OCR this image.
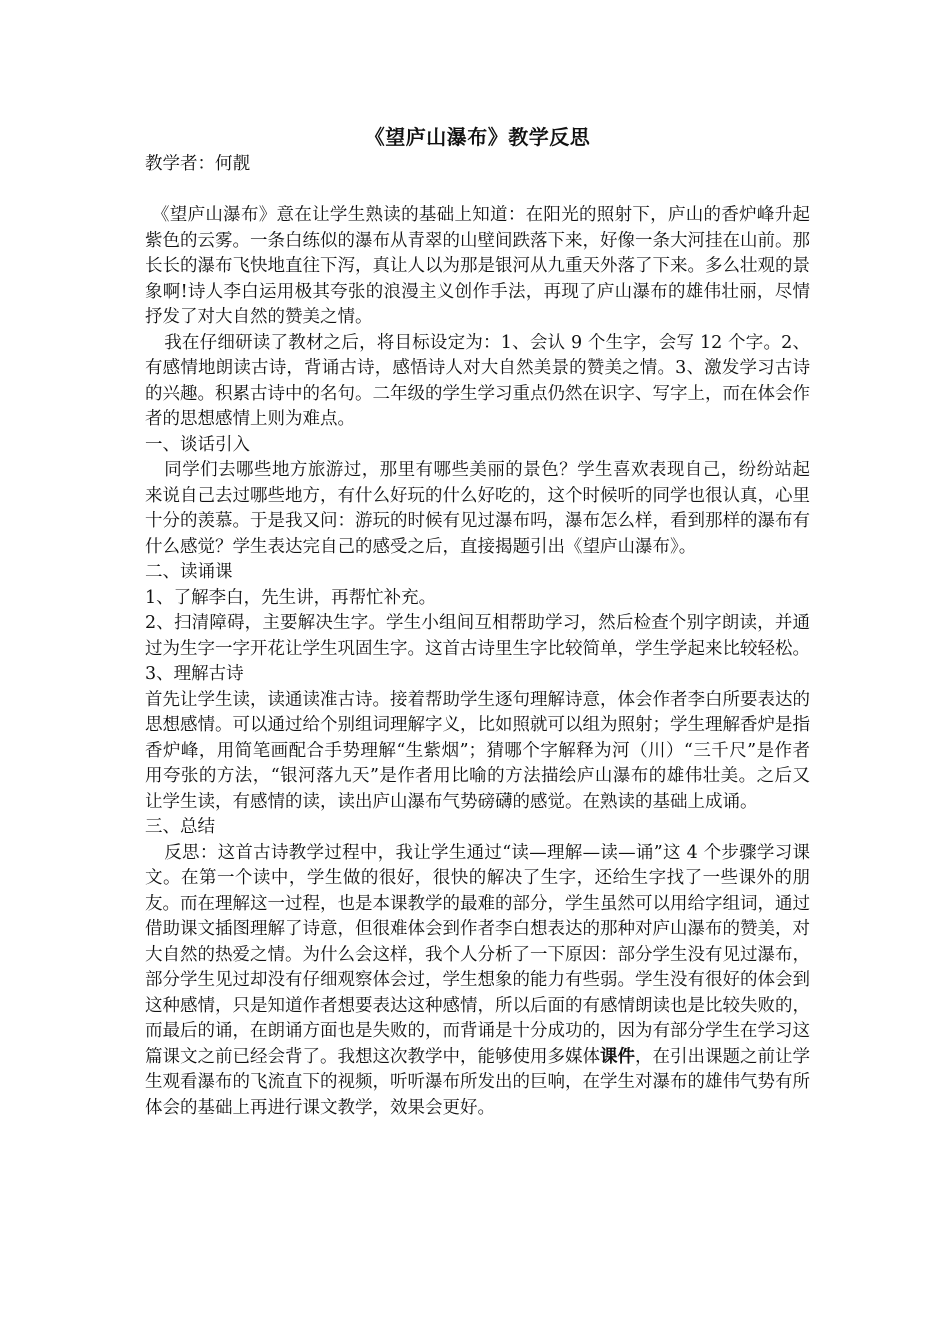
《望庐山瀑布》教学反思

教学者：何靓

《望庐山瀑布》意在让学生熟读的基础上知道：在阳光的照射下，庐山的香炉峰升起紫色的云雾。一条白练似的瀑布从青翠的山壁间跌落下来，好像一条大河挂在山前。那长长的瀑布飞快地直往下泻，真让人以为那是银河从九重天外落了下来。多么壮观的景象啊!诗人李白运用极其夸张的浪漫主义创作手法，再现了庐山瀑布的雄伟壮丽，尽情抒发了对大自然的赞美之情。

我在仔细研读了教材之后，将目标设定为：1、会认 9 个生字，会写 12 个字。2、有感情地朗读古诗，背诵古诗，感悟诗人对大自然美景的赞美之情。3、激发学习古诗的兴趣。积累古诗中的名句。二年级的学生学习重点仍然在识字、写字上，而在体会作者的思想感情上则为难点。

一、谈话引入

同学们去哪些地方旅游过，那里有哪些美丽的景色？学生喜欢表现自己，纷纷站起来说自己去过哪些地方，有什么好玩的什么好吃的，这个时候听的同学也很认真，心里十分的羡慕。于是我又问：游玩的时候有见过瀑布吗，瀑布怎么样，看到那样的瀑布有什么感觉？学生表达完自己的感受之后，直接揭题引出《望庐山瀑布》。

二、读诵课

1、了解李白，先生讲，再帮忙补充。

2、扫清障碍，主要解决生字。学生小组间互相帮助学习，然后检查个别字朗读，并通过为生字一字开花让学生巩固生字。这首古诗里生字比较简单，学生学起来比较轻松。

3、理解古诗

首先让学生读，读通读准古诗。接着帮助学生逐句理解诗意，体会作者李白所要表达的思想感情。可以通过给个别组词理解字义，比如照就可以组为照射；学生理解香炉是指香炉峰，用简笔画配合手势理解“生紫烟”；猜哪个字解释为河（川）“三千尺”是作者用夸张的方法，“银河落九天”是作者用比喻的方法描绘庐山瀑布的雄伟壮美。之后又让学生读，有感情的读，读出庐山瀑布气势磅礴的感觉。在熟读的基础上成诵。

三、总结

反思：这首古诗教学过程中，我让学生通过“读—理解—读—诵”这 4 个步骤学习课文。在第一个读中，学生做的很好，很快的解决了生字，还给生字找了一些课外的朋友。而在理解这一过程，也是本课教学的最难的部分，学生虽然可以用给字组词，通过借助课文插图理解了诗意，但很难体会到作者李白想表达的那种对庐山瀑布的赞美，对大自然的热爱之情。为什么会这样，我个人分析了一下原因：部分学生没有见过瀑布，部分学生见过却没有仔细观察体会过，学生想象的能力有些弱。学生没有很好的体会到这种感情，只是知道作者想要表达这种感情，所以后面的有感情朗读也是比较失败的，而最后的诵，在朗诵方面也是失败的，而背诵是十分成功的，因为有部分学生在学习这篇课文之前已经会背了。我想这次教学中，能够使用多媒体课件，在引出课题之前让学生观看瀑布的飞流直下的视频，听听瀑布所发出的巨响，在学生对瀑布的雄伟气势有所体会的基础上再进行课文教学，效果会更好。
